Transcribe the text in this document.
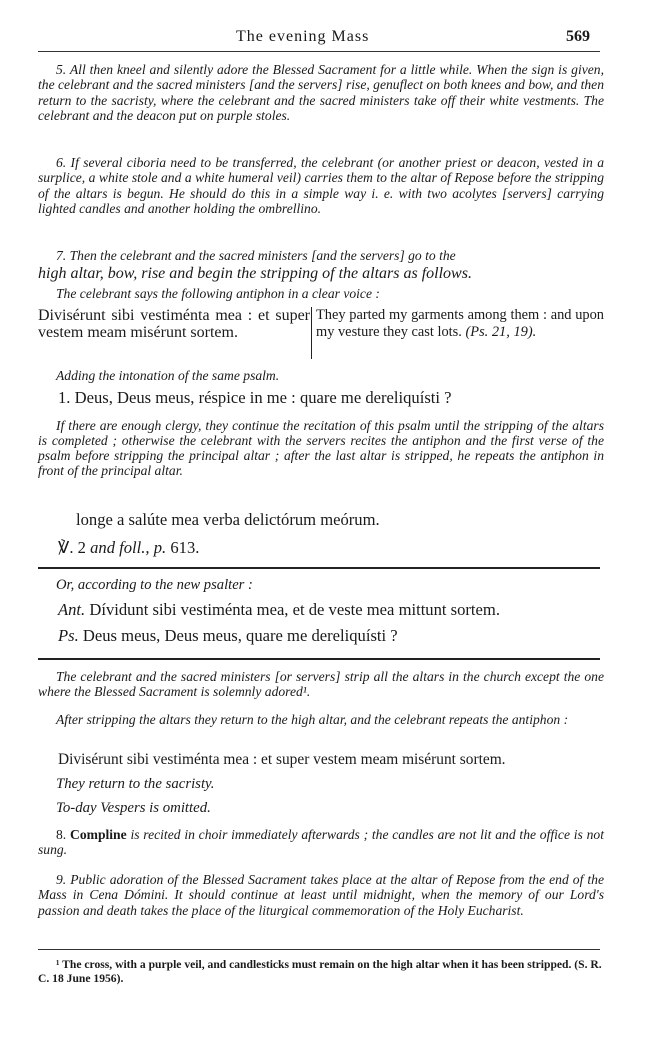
The evening Mass	569
5. All then kneel and silently adore the Blessed Sacrament for a little while. When the sign is given, the celebrant and the sacred ministers [and the servers] rise, genuflect on both knees and bow, and then return to the sacristy, where the celebrant and the sacred ministers take off their white vestments. The celebrant and the deacon put on purple stoles.
6. If several ciboria need to be transferred, the celebrant (or another priest or deacon, vested in a surplice, a white stole and a white humeral veil) carries them to the altar of Repose before the stripping of the altars is begun. He should do this in a simple way i. e. with two acolytes [servers] carrying lighted candles and another holding the ombrellino.
7. Then the celebrant and the sacred ministers [and the servers] go to the
high altar, bow, rise and begin the stripping of the altars as follows.
The celebrant says the following antiphon in a clear voice :
Divisérunt sibi vestiménta mea : et super vestem meam misérunt sortem.
They parted my garments among them : and upon my vesture they cast lots. (Ps. 21, 19).
Adding the intonation of the same psalm.
1. Deus, Deus meus, réspice in me : quare me dereliquísti ?
If there are enough clergy, they continue the recitation of this psalm until the stripping of the altars is completed ; otherwise the celebrant with the servers recites the antiphon and the first verse of the psalm before stripping the principal altar ; after the last altar is stripped, he repeats the antiphon in front of the principal altar.
longe a salúte mea verba delictórum meórum.
℣. 2 and foll., p. 613.
Or, according to the new psalter :
Ant. Dívidunt sibi vestiménta mea, et de veste mea mittunt sortem.
Ps. Deus meus, Deus meus, quare me dereliquísti ?
The celebrant and the sacred ministers [or servers] strip all the altars in the church except the one where the Blessed Sacrament is solemnly adored¹.
After stripping the altars they return to the high altar, and the celebrant repeats the antiphon :
Divisérunt sibi vestiménta mea : et super vestem meam misérunt sortem.
They return to the sacristy.
To-day Vespers is omitted.
8. Compline is recited in choir immediately afterwards ; the candles are not lit and the office is not sung.
9. Public adoration of the Blessed Sacrament takes place at the altar of Repose from the end of the Mass in Cena Dómini. It should continue at least until midnight, when the memory of our Lord's passion and death takes the place of the liturgical commemoration of the Holy Eucharist.
¹ The cross, with a purple veil, and candlesticks must remain on the high altar when it has been stripped. (S. R. C. 18 June 1956).
